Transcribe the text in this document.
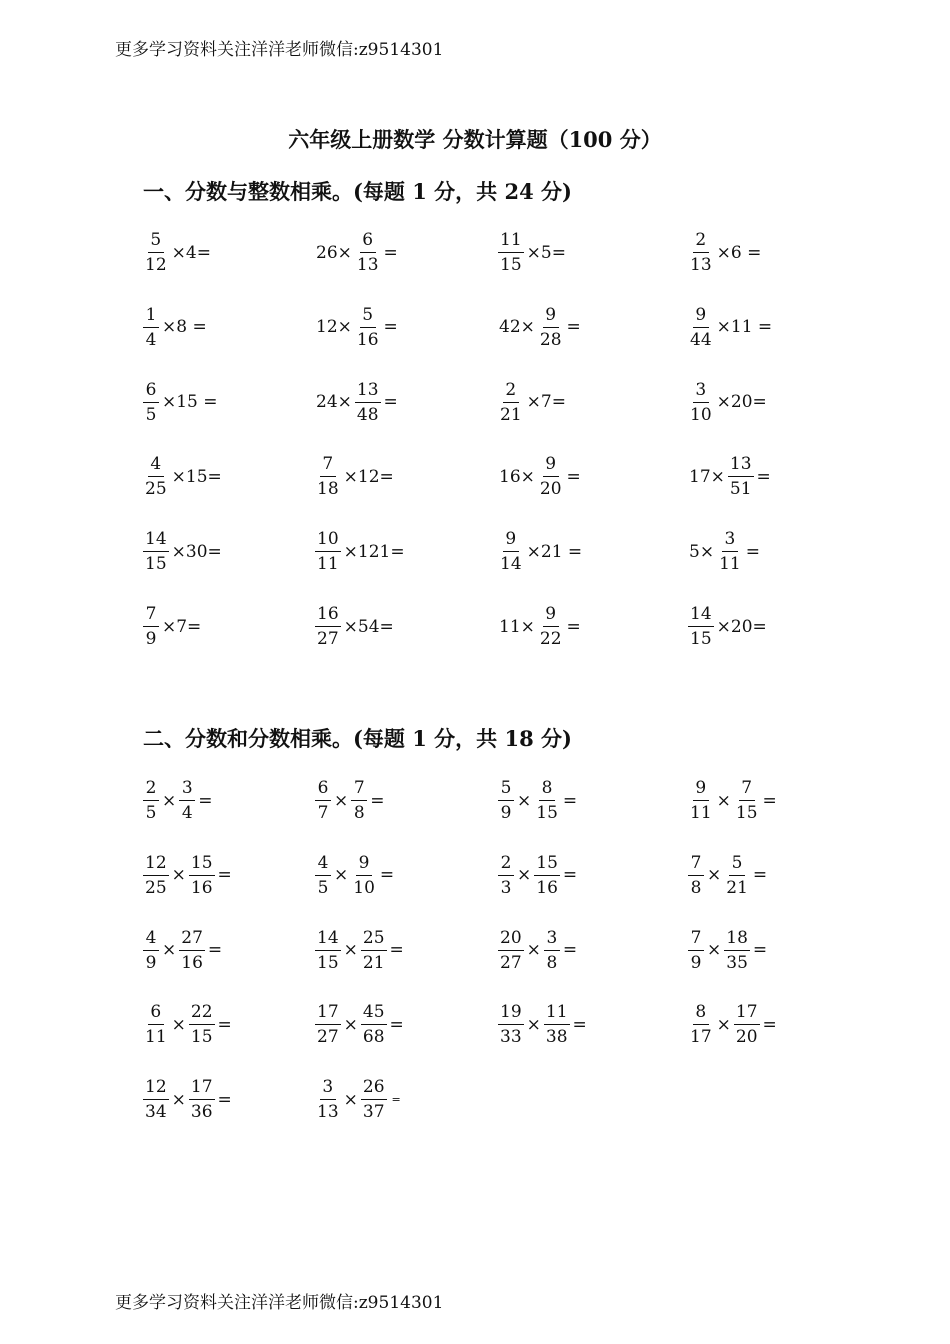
更多学习资料关注洋洋老师微信:z9514301
六年级上册数学 分数计算题（100 分）
一、分数与整数相乘。(每题 1 分，共 24 分)
$\frac{5}{12} \times 4=$	$26\times \frac{6}{13}$ =	$\frac{11}{15} \times 5=$	$\frac{2}{13} \times 6$ =
$\frac{1}{4} \times 8$ =	$12\times \frac{5}{16}$ =	$42\times \frac{9}{28}$ =	$\frac{9}{44} \times 11$ =
$\frac{6}{5} \times 15$ =	$24\times \frac{13}{48}$ =	$\frac{2}{21} \times 7=$	$\frac{3}{10} \times 20=$
$\frac{4}{25} \times 15=$	$\frac{7}{18} \times 12=$	$16\times \frac{9}{20}$ =	$17\times \frac{13}{51}$ =
$\frac{14}{15} \times 30=$	$\frac{10}{11} \times 121=$	$\frac{9}{14} \times 21$ =	$5\times \frac{3}{11}$ =
$\frac{7}{9} \times 7=$	$\frac{16}{27} \times 54=$	$11\times \frac{9}{22}$ =	$\frac{14}{15} \times 20=$
二、分数和分数相乘。(每题 1 分，共 18 分)
$\frac{2}{5} \times \frac{3}{4}$ =	$\frac{6}{7} \times \frac{7}{8}$ =	$\frac{5}{9} \times \frac{8}{15}$ =	$\frac{9}{11} \times \frac{7}{15}$ =
$\frac{12}{25} \times \frac{15}{16}$ =	$\frac{4}{5} \times \frac{9}{10}$ =	$\frac{2}{3} \times \frac{15}{16}$ =	$\frac{7}{8} \times \frac{5}{21}$ =
$\frac{4}{9} \times \frac{27}{16}$ =	$\frac{14}{15} \times \frac{25}{21}$ =	$\frac{20}{27} \times \frac{3}{8}$ =	$\frac{7}{9} \times \frac{18}{35}$ =
$\frac{6}{11} \times \frac{22}{15}$ =	$\frac{17}{27} \times \frac{45}{68}$ =	$\frac{19}{33} \times \frac{11}{38}$ =	$\frac{8}{17} \times \frac{17}{20}$ =
$\frac{12}{34} \times \frac{17}{36}$ =	$\frac{3}{13} \times \frac{26}{37}$ =
更多学习资料关注洋洋老师微信:z9514301
